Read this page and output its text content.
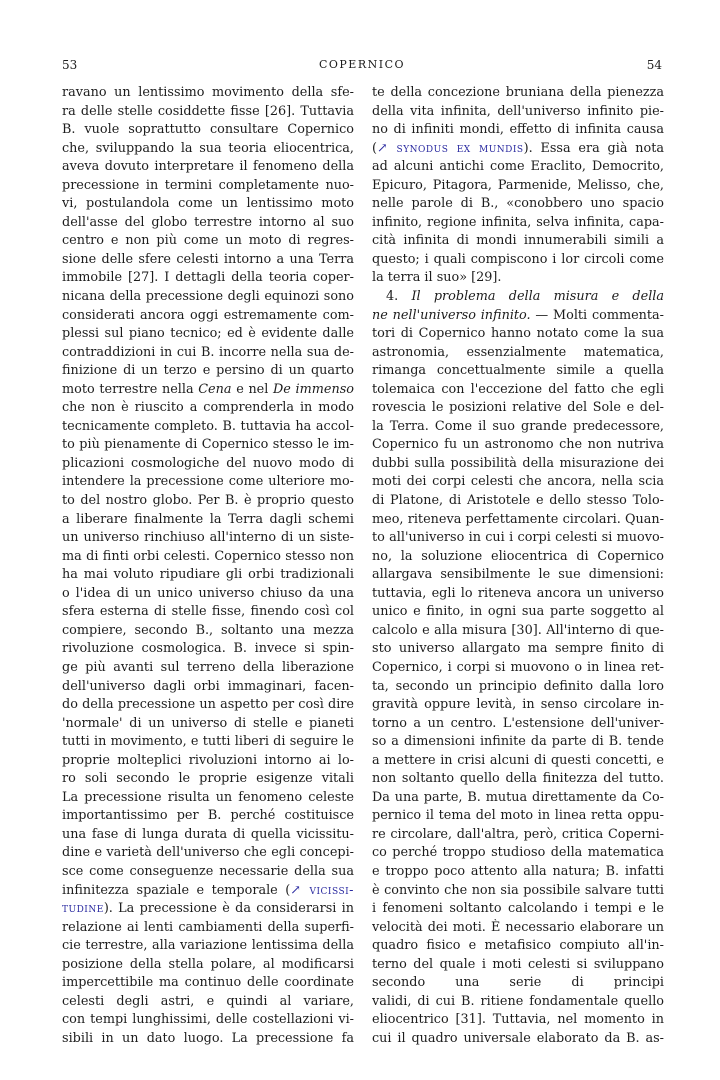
53	COPERNICO	54
ravano un lentissimo movimento della sfe-
ra delle stelle cosiddette fisse [26]. Tuttavia
B. vuole soprattutto consultare Copernico
che, sviluppando la sua teoria eliocentrica,
aveva dovuto interpretare il fenomeno della
precessione in termini completamente nuo-
vi, postulandola come un lentissimo moto
dell'asse del globo terrestre intorno al suo
centro e non più come un moto di regres-
sione delle sfere celesti intorno a una Terra
immobile [27]. I dettagli della teoria coper-
nicana della precessione degli equinozi sono
considerati ancora oggi estremamente com-
plessi sul piano tecnico; ed è evidente dalle
contraddizioni in cui B. incorre nella sua de-
finizione di un terzo e persino di un quarto
moto terrestre nella Cena e nel De immenso
che non è riuscito a comprenderla in modo
tecnicamente completo. B. tuttavia ha accol-
to più pienamente di Copernico stesso le im-
plicazioni cosmologiche del nuovo modo di
intendere la precessione come ulteriore mo-
to del nostro globo. Per B. è proprio questo
a liberare finalmente la Terra dagli schemi
un universo rinchiuso all'interno di un siste-
ma di finti orbi celesti. Copernico stesso non
ha mai voluto ripudiare gli orbi tradizionali
o l'idea di un unico universo chiuso da una
sfera esterna di stelle fisse, finendo così col
compiere, secondo B., soltanto una mezza
rivoluzione cosmologica. B. invece si spin-
ge più avanti sul terreno della liberazione
dell'universo dagli orbi immaginari, facen-
do della precessione un aspetto per così dire
'normale' di un universo di stelle e pianeti
tutti in movimento, e tutti liberi di seguire le
proprie molteplici rivoluzioni intorno ai lo-
ro soli secondo le proprie esigenze vitali
La precessione risulta un fenomeno celeste
importantissimo per B. perché costituisce
una fase di lunga durata di quella vicissitu-
dine e varietà dell'universo che egli concepi-
sce come conseguenze necessarie della sua
infinitezza spaziale e temporale (↗ vicissi-
tudine). La precessione è da considerarsi in
relazione ai lenti cambiamenti della superfi-
cie terrestre, alla variazione lentissima della
posizione della stella polare, al modificarsi
impercettibile ma continuo delle coordinate
celesti degli astri, e quindi al variare,
con tempi lunghissimi, delle costellazioni vi-
sibili in un dato luogo. La precessione fa
te della concezione bruniana della pienezza
della vita infinita, dell'universo infinito pie-
no di infiniti mondi, effetto di infinita causa
(↗ synodus ex mundis). Essa era già nota
ad alcuni antichi come Eraclito, Democrito,
Epicuro, Pitagora, Parmenide, Melisso, che,
nelle parole di B., «conobbero uno spacio
infinito, regione infinita, selva infinita, capa-
cità infinita di mondi innumerabili simili a
questo; i quali compiscono i lor circoli come
la terra il suo» [29].
4. Il problema della misura e della
ne nell'universo infinito. — Molti commenta-
tori di Copernico hanno notato come la sua
astronomia, essenzialmente matematica,
rimanga concettualmente simile a quella
tolemaica con l'eccezione del fatto che egli
rovescia le posizioni relative del Sole e del-
la Terra. Come il suo grande predecessore,
Copernico fu un astronomo che non nutriva
dubbi sulla possibilità della misurazione dei
moti dei corpi celesti che ancora, nella scia
di Platone, di Aristotele e dello stesso Tolo-
meo, riteneva perfettamente circolari. Quan-
to all'universo in cui i corpi celesti si muovo-
no, la soluzione eliocentrica di Copernico
allargava sensibilmente le sue dimensioni:
tuttavia, egli lo riteneva ancora un universo
unico e finito, in ogni sua parte soggetto al
calcolo e alla misura [30]. All'interno di que-
sto universo allargato ma sempre finito di
Copernico, i corpi si muovono o in linea ret-
ta, secondo un principio definito dalla loro
gravità oppure levità, in senso circolare in-
torno a un centro. L'estensione dell'univer-
so a dimensioni infinite da parte di B. tende
a mettere in crisi alcuni di questi concetti, e
non soltanto quello della finitezza del tutto.
Da una parte, B. mutua direttamente da Co-
pernico il tema del moto in linea retta oppu-
re circolare, dall'altra, però, critica Coperni-
co perché troppo studioso della matematica
e troppo poco attento alla natura; B. infatti
è convinto che non sia possibile salvare tutti
i fenomeni soltanto calcolando i tempi e le
velocità dei moti. È necessario elaborare un
quadro fisico e metafisico compiuto all'in-
terno del quale i moti celesti si sviluppano
secondo una serie di principi
validi, di cui B. ritiene fondamentale quello
eliocentrico [31]. Tuttavia, nel momento in
cui il quadro universale elaborato da B. as-
